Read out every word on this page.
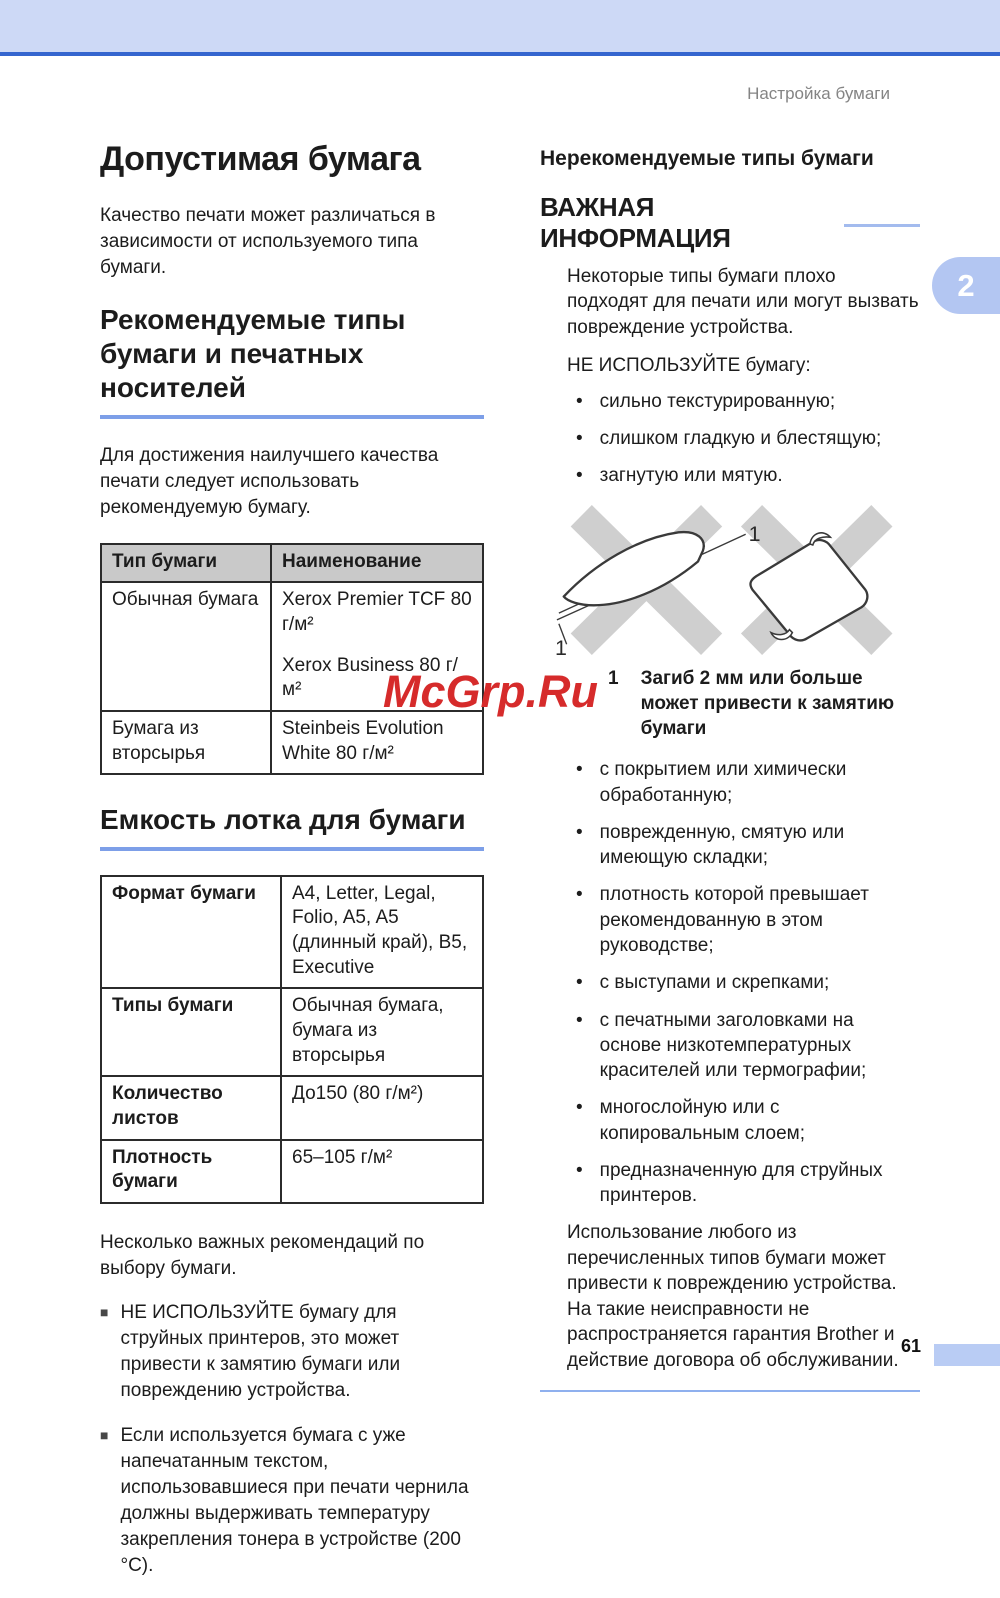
Настройка бумаги
2
Допустимая бумага

Качество печати может различаться в зависимости от используемого типа бумаги.

Рекомендуемые типы бумаги и печатных носителей

Для достижения наилучшего качества печати следует использовать рекомендуемую бумагу.

Тип бумаги	Наименование
Обычная бумага	Xerox Premier TCF 80 г/м²
Xerox Business 80 г/м²

Бумага из вторсырья	Steinbeis Evolution White 80 г/м²
Емкость лотка для бумаги
Формат бумаги	A4, Letter, Legal, Folio, A5, A5 (длинный край), B5, Executive
Типы бумаги	Обычная бумага, бумага из вторсырья
Количество листов	До150 (80 г/м²)
Плотность бумаги	65–105 г/м²

Несколько важных рекомендаций по выбору бумаги.

■ НЕ ИСПОЛЬЗУЙТЕ бумагу для струйных принтеров, это может привести к замятию бумаги или повреждению устройства.
■ Если используется бумага с уже напечатанным текстом, использовавшиеся при печати чернила должны выдерживать температуру закрепления тонера в устройстве (200 °C).
Нерекомендуемые типы бумаги
ВАЖНАЯ ИНФОРМАЦИЯ

Некоторые типы бумаги плохо подходят для печати или могут вызвать повреждение устройства.

НЕ ИСПОЛЬЗУЙТЕ бумагу:

• сильно текстурированную;
• слишком гладкую и блестящую;
• загнутую или мятую.
1
1
1 Загиб 2 мм или больше может привести к замятию бумаги
• с покрытием или химически обработанную;
• поврежденную, смятую или имеющую складки;
• плотность которой превышает рекомендованную в этом руководстве;
• с выступами и скрепками;
• с печатными заголовками на основе низкотемпературных красителей или термографии;
• многослойную или с копировальным слоем;
• предназначенную для струйных принтеров.

Использование любого из перечисленных типов бумаги может привести к повреждению устройства. На такие неисправности не распространяется гарантия Brother и действие договора об обслуживании.

McGrp.Ru
61
